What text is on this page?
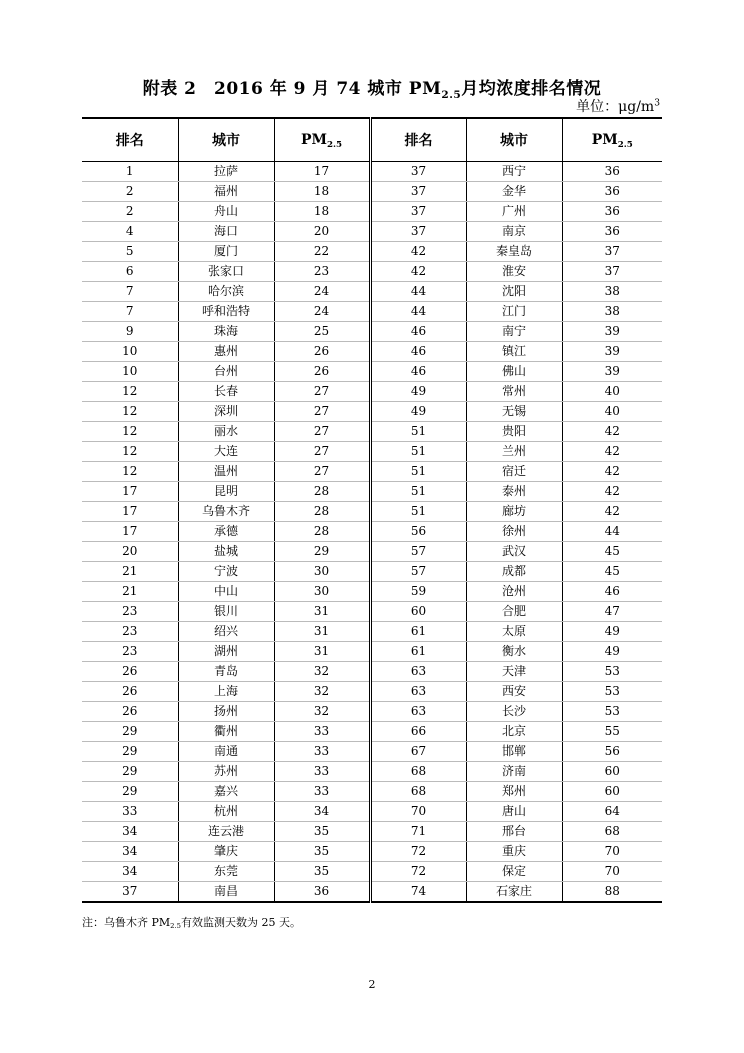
附表 2　2016 年 9 月 74 城市 $PM_{2.5}$月均浓度排名情况
单位：$\mu g/m^3$
排名	城市	$PM_{2.5}$	排名	城市	$PM_{2.5}$
1	拉萨	17	37	西宁	36
2	福州	18	37	金华	36
2	舟山	18	37	广州	36
4	海口	20	37	南京	36
5	厦门	22	42	秦皇岛	37
6	张家口	23	42	淮安	37
7	哈尔滨	24	44	沈阳	38
7	呼和浩特	24	44	江门	38
9	珠海	25	46	南宁	39
10	惠州	26	46	镇江	39
10	台州	26	46	佛山	39
12	长春	27	49	常州	40
12	深圳	27	49	无锡	40
12	丽水	27	51	贵阳	42
12	大连	27	51	兰州	42
12	温州	27	51	宿迁	42
17	昆明	28	51	泰州	42
17	乌鲁木齐	28	51	廊坊	42
17	承德	28	56	徐州	44
20	盐城	29	57	武汉	45
21	宁波	30	57	成都	45
21	中山	30	59	沧州	46
23	银川	31	60	合肥	47
23	绍兴	31	61	太原	49
23	湖州	31	61	衡水	49
26	青岛	32	63	天津	53
26	上海	32	63	西安	53
26	扬州	32	63	长沙	53
29	衢州	33	66	北京	55
29	南通	33	67	邯郸	56
29	苏州	33	68	济南	60
29	嘉兴	33	68	郑州	60
33	杭州	34	70	唐山	64
34	连云港	35	71	邢台	68
34	肇庆	35	72	重庆	70
34	东莞	35	72	保定	70
37	南昌	36	74	石家庄	88
注：乌鲁木齐 $PM_{2.5}$有效监测天数为 25 天。
2
